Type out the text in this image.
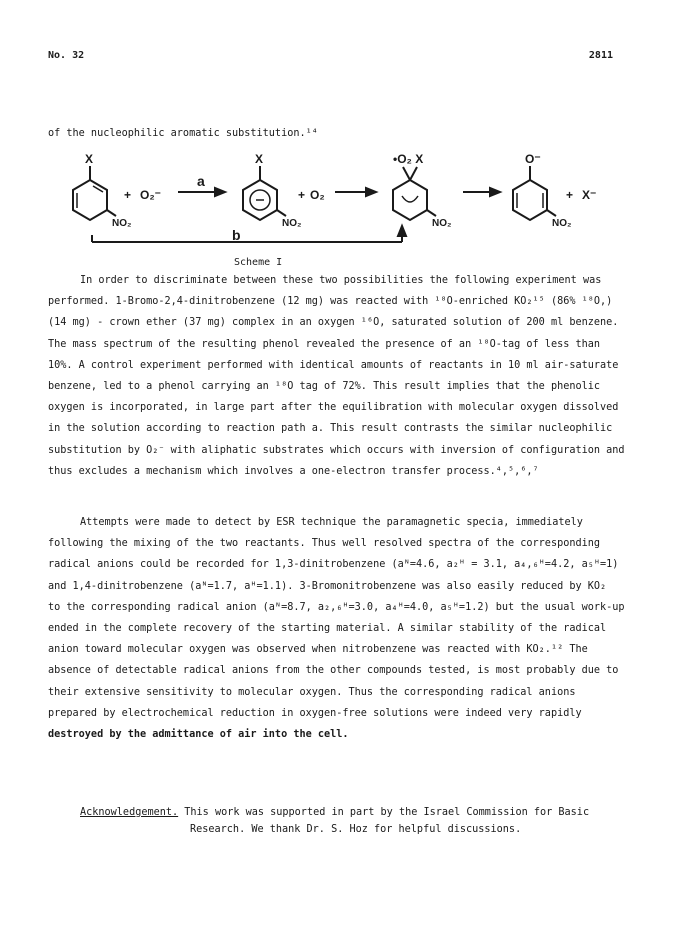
No. 32	2811
of the nucleophilic aromatic substitution.¹⁴
X
NO₂
+ O₂⁻
a
X
NO₂
+ O₂
•O₂ X
NO₂
O⁻
NO₂
+ X⁻
b
Scheme I
In order to discriminate between these two possibilities the following experiment was
performed. 1-Bromo-2,4-dinitrobenzene (12 mg) was reacted with ¹⁸O-enriched KO₂¹⁵ (86% ¹⁸O,)
(14 mg) - crown ether (37 mg) complex in an oxygen ¹⁶O, saturated solution of 200 ml benzene.
The mass spectrum of the resulting phenol revealed the presence of an ¹⁸O-tag of less than
10%. A control experiment performed with identical amounts of reactants in 10 ml air-saturate
benzene, led to a phenol carrying an ¹⁸O tag of 72%. This result implies that the phenolic
oxygen is incorporated, in large part after the equilibration with molecular oxygen dissolved
in the solution according to reaction path a. This result contrasts the similar nucleophilic
substitution by O₂⁻ with aliphatic substrates which occurs with inversion of configuration and
thus excludes a mechanism which involves a one-electron transfer process.⁴,⁵,⁶,⁷
Attempts were made to detect by ESR technique the paramagnetic specia, immediately
following the mixing of the two reactants. Thus well resolved spectra of the corresponding
radical anions could be recorded for 1,3-dinitrobenzene (aᴺ=4.6, a₂ᴴ = 3.1, a₄,₆ᴴ=4.2, a₅ᴴ=1)
and 1,4-dinitrobenzene (aᴺ=1.7, aᴴ=1.1). 3-Bromonitrobenzene was also easily reduced by KO₂
to the corresponding radical anion (aᴺ=8.7, a₂,₆ᴴ=3.0, a₄ᴴ=4.0, a₅ᴴ=1.2) but the usual work-up
ended in the complete recovery of the starting material. A similar stability of the radical
anion toward molecular oxygen was observed when nitrobenzene was reacted with KO₂.¹² The
absence of detectable radical anions from the other compounds tested, is most probably due to
their extensive sensitivity to molecular oxygen. Thus the corresponding radical anions
prepared by electrochemical reduction in oxygen-free solutions were indeed very rapidly
destroyed by the admittance of air into the cell.
Acknowledgement. This work was supported in part by the Israel Commission for Basic
Research. We thank Dr. S. Hoz for helpful discussions.
